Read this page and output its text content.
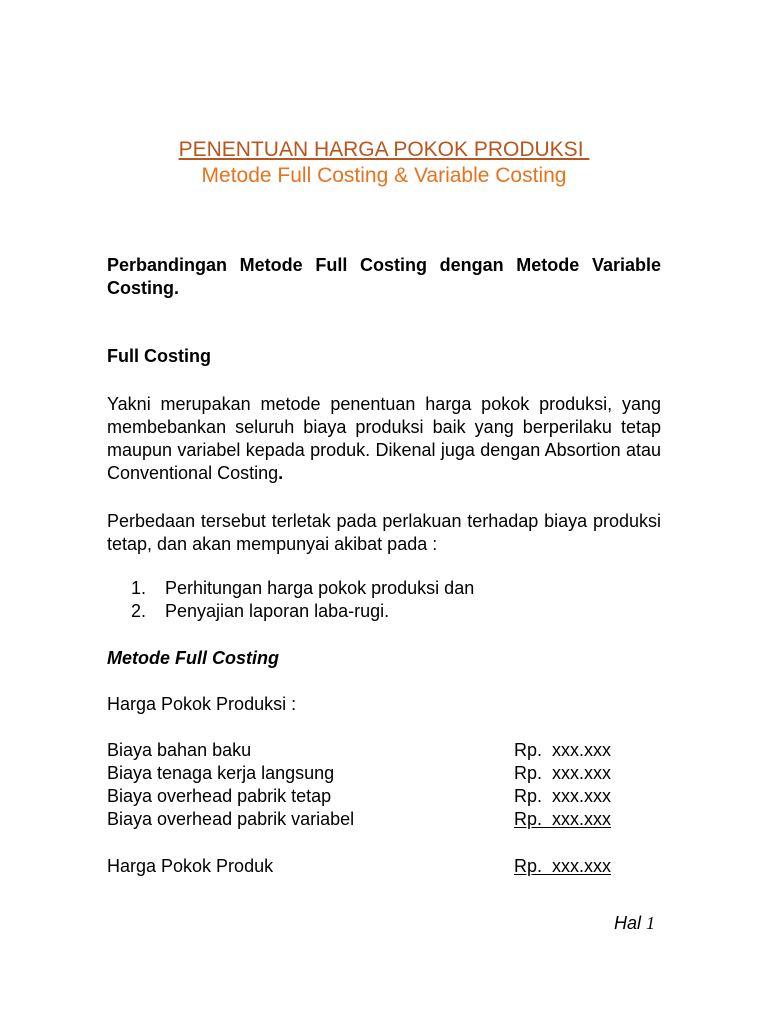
PENENTUAN HARGA POKOK PRODUKSI
Metode Full Costing & Variable Costing
Perbandingan Metode Full Costing dengan Metode Variable Costing.
Full Costing
Yakni merupakan metode penentuan harga pokok produksi, yang membebankan seluruh biaya produksi baik yang berperilaku tetap maupun variabel kepada produk. Dikenal juga dengan Absortion atau Conventional Costing.
Perbedaan tersebut terletak pada perlakuan terhadap biaya produksi tetap, dan akan mempunyai akibat pada :
1. Perhitungan harga pokok produksi dan
2. Penyajian laporan laba-rugi.
Metode Full Costing
Harga Pokok Produksi :
Biaya bahan baku	Rp.  xxx.xxx
Biaya tenaga kerja langsung	Rp.  xxx.xxx
Biaya overhead pabrik tetap	Rp.  xxx.xxx
Biaya overhead pabrik variabel	Rp.  xxx.xxx
Harga Pokok Produk	Rp.  xxx.xxx
Hal 1
